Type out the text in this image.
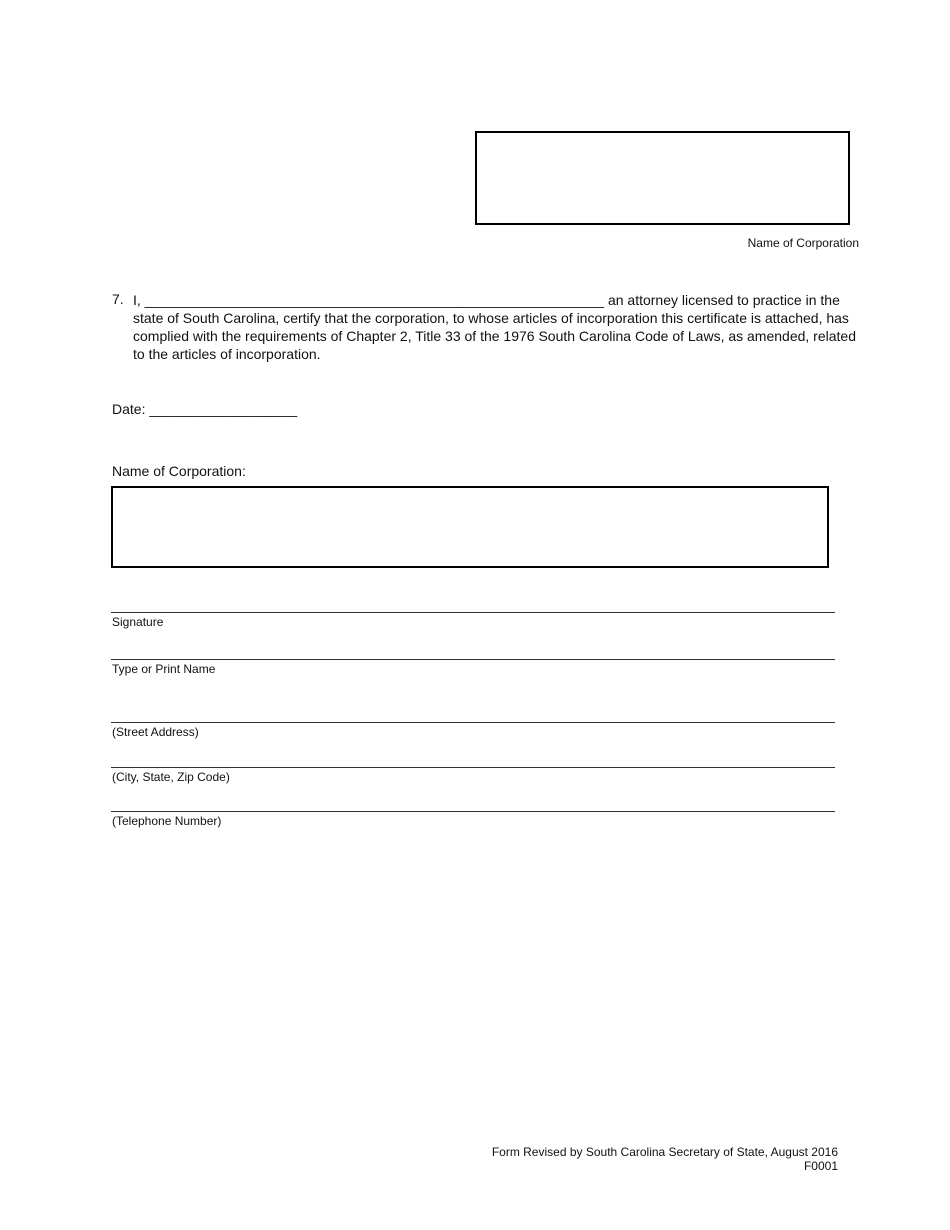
Name of Corporation
7. I, ___________________________________________________________ an attorney licensed to practice in the state of South Carolina, certify that the corporation, to whose articles of incorporation this certificate is attached, has complied with the requirements of Chapter 2, Title 33 of the 1976 South Carolina Code of Laws, as amended, related to the articles of incorporation.
Date: ___________________
Name of Corporation:
Signature
Type or Print Name
(Street Address)
(City, State, Zip Code)
(Telephone Number)
Form Revised by South Carolina Secretary of State, August 2016
F0001
